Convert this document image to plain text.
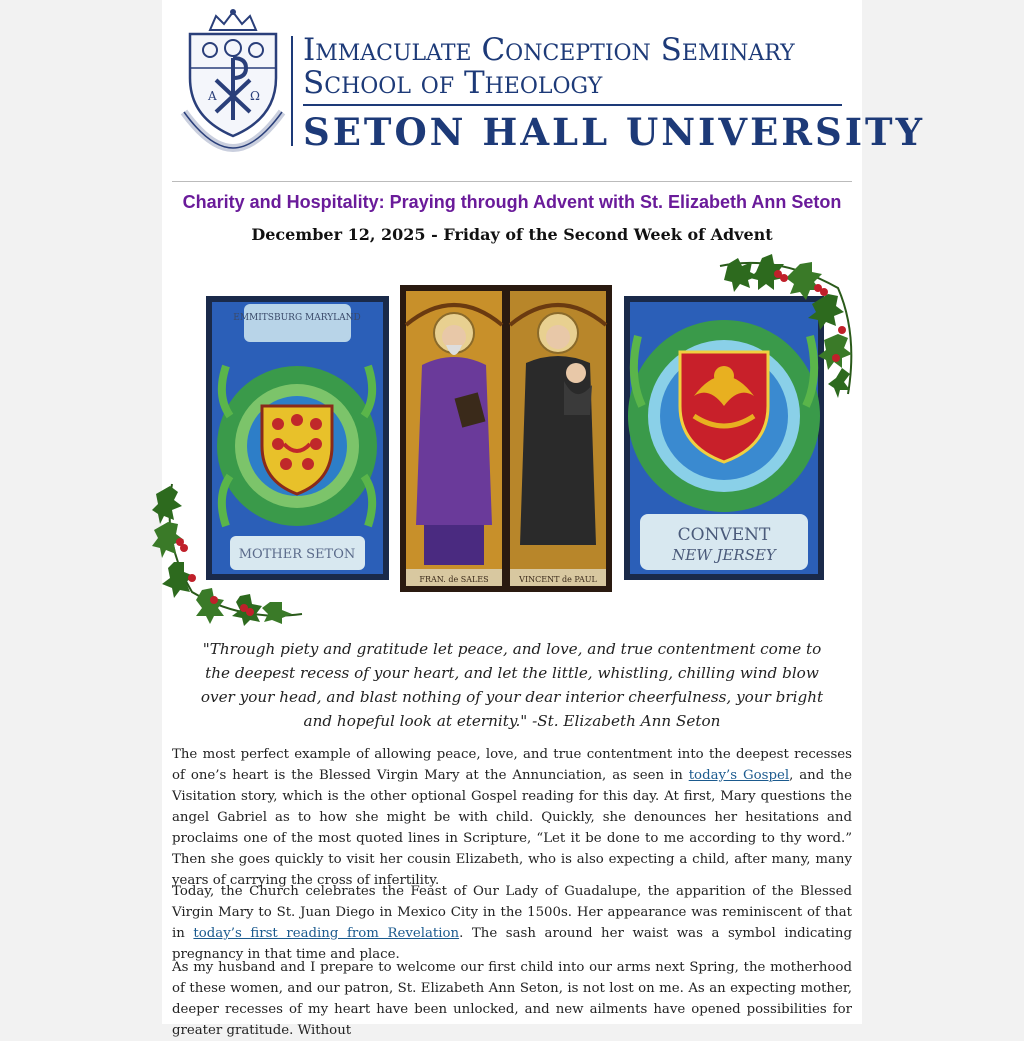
A	Ω
Immaculate Conception Seminary
School of Theology
SETON HALL UNIVERSITY
Charity and Hospitality: Praying through Advent with St. Elizabeth Ann Seton
December 12, 2025 - Friday of the Second Week of Advent
EMMITSBURG MARYLAND
MOTHER SETON
FRAN. de SALES	VINCENT de PAUL
CONVENT
NEW JERSEY
"Through piety and gratitude let peace, and love, and true contentment come to the deepest recess of your heart, and let the little, whistling, chilling wind blow over your head, and blast nothing of your dear interior cheerfulness, your bright and hopeful look at eternity." -St. Elizabeth Ann Seton

The most perfect example of allowing peace, love, and true contentment into the deepest recesses of one’s heart is the Blessed Virgin Mary at the Annunciation, as seen in today’s Gospel, and the Visitation story, which is the other optional Gospel reading for this day. At first, Mary questions the angel Gabriel as to how she might be with child. Quickly, she denounces her hesitations and proclaims one of the most quoted lines in Scripture, “Let it be done to me according to thy word.” Then she goes quickly to visit her cousin Elizabeth, who is also expecting a child, after many, many years of carrying the cross of infertility.

Today, the Church celebrates the Feast of Our Lady of Guadalupe, the apparition of the Blessed Virgin Mary to St. Juan Diego in Mexico City in the 1500s. Her appearance was reminiscent of that in today’s first reading from Revelation. The sash around her waist was a symbol indicating pregnancy in that time and place.

As my husband and I prepare to welcome our first child into our arms next Spring, the motherhood of these women, and our patron, St. Elizabeth Ann Seton, is not lost on me. As an expecting mother, deeper recesses of my heart have been unlocked, and new ailments have opened possibilities for greater gratitude. Without
